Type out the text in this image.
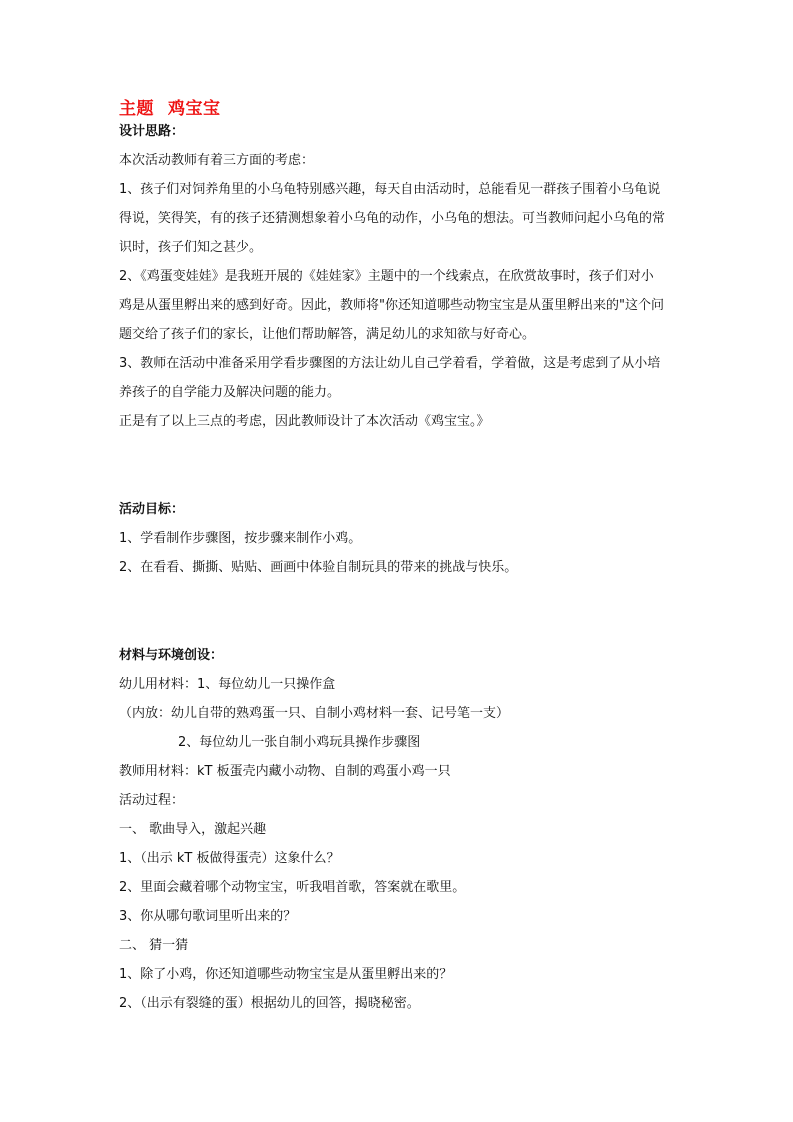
主题 鸡宝宝
设计思路：
本次活动教师有着三方面的考虑：
1、孩子们对饲养角里的小乌龟特别感兴趣，每天自由活动时，总能看见一群孩子围着小乌龟说
得说，笑得笑，有的孩子还猜测想象着小乌龟的动作，小乌龟的想法。可当教师问起小乌龟的常
识时，孩子们知之甚少。
2、《鸡蛋变娃娃》是我班开展的《娃娃家》主题中的一个线索点，在欣赏故事时，孩子们对小
鸡是从蛋里孵出来的感到好奇。因此，教师将"你还知道哪些动物宝宝是从蛋里孵出来的"这个问
题交给了孩子们的家长，让他们帮助解答，满足幼儿的求知欲与好奇心。
3、教师在活动中准备采用学看步骤图的方法让幼儿自己学着看，学着做，这是考虑到了从小培
养孩子的自学能力及解决问题的能力。
正是有了以上三点的考虑，因此教师设计了本次活动《鸡宝宝。》
活动目标：
1、学看制作步骤图，按步骤来制作小鸡。
2、在看看、撕撕、贴贴、画画中体验自制玩具的带来的挑战与快乐。
材料与环境创设：
幼儿用材料：1、每位幼儿一只操作盒
（内放：幼儿自带的熟鸡蛋一只、自制小鸡材料一套、记号笔一支）
2、每位幼儿一张自制小鸡玩具操作步骤图
教师用材料：kT 板蛋壳内藏小动物、自制的鸡蛋小鸡一只
活动过程：
一、 歌曲导入，激起兴趣
1、（出示 kT 板做得蛋壳）这象什么？
2、里面会藏着哪个动物宝宝，听我唱首歌，答案就在歌里。
3、你从哪句歌词里听出来的？
二、 猜一猜
1、除了小鸡，你还知道哪些动物宝宝是从蛋里孵出来的？
2、（出示有裂缝的蛋）根据幼儿的回答，揭晓秘密。
